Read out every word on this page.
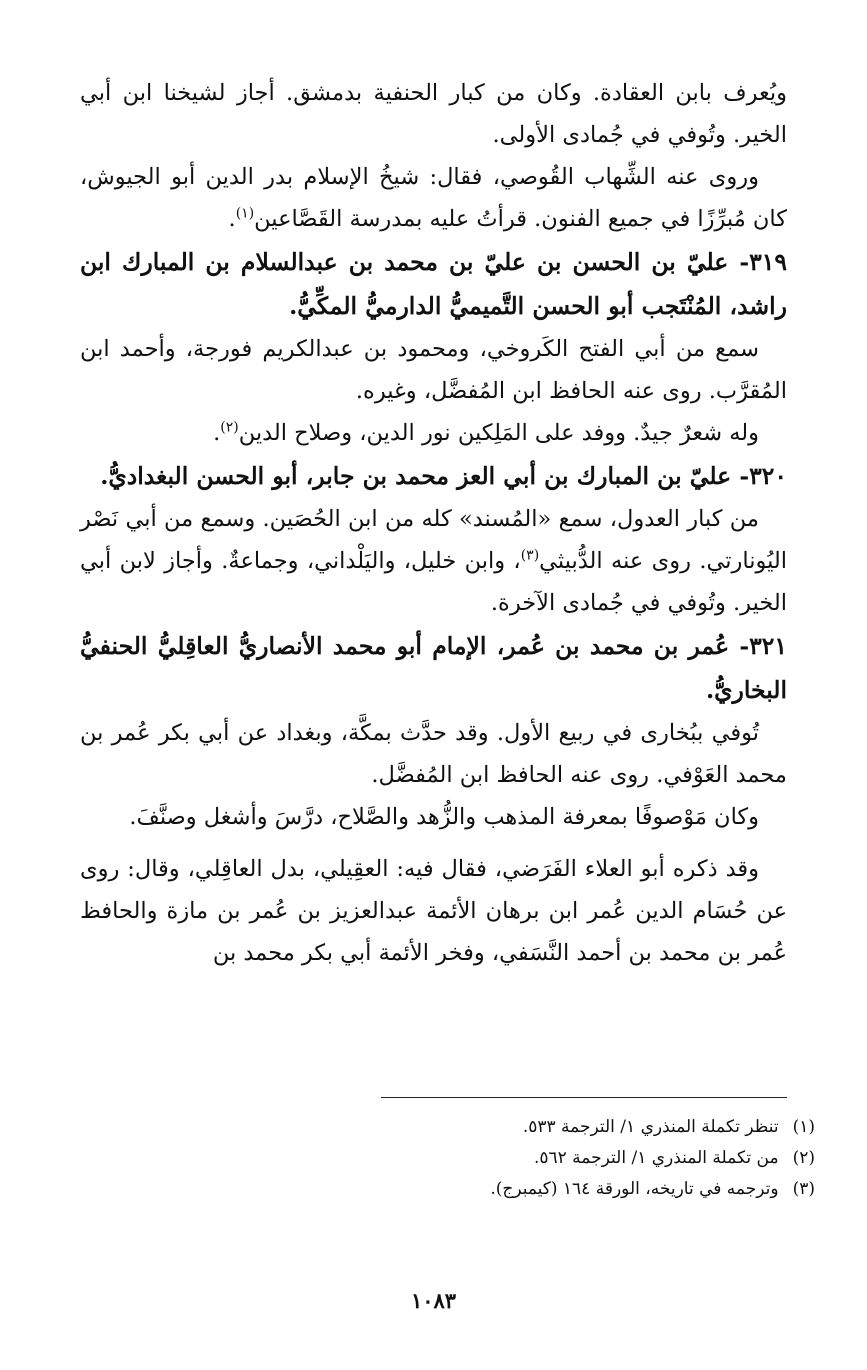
ويُعرف بابن العقادة. وكان من كبار الحنفية بدمشق. أجاز لشيخنا ابن أبي الخير. وتُوفي في جُمادى الأولى.

وروى عنه الشِّهاب القُوصي، فقال: شيخُ الإسلام بدر الدين أبو الجيوش، كان مُبرِّزًا في جميع الفنون. قرأتُ عليه بمدرسة القَصَّاعين$^{(١)}$.

٣١٩- عليّ بن الحسن بن عليّ بن محمد بن عبدالسلام بن المبارك ابن راشد، المُنْتَجب أبو الحسن التَّميميُّ الدارميُّ المكِّيُّ.

سمع من أبي الفتح الكَروخي، ومحمود بن عبدالكريم فورجة، وأحمد ابن المُقرَّب. روى عنه الحافظ ابن المُفضَّل، وغيره.

وله شعرٌ جيدٌ. ووفد على المَلِكين نور الدين، وصلاح الدين$^{(٢)}$.

٣٢٠- عليّ بن المبارك بن أبي العز محمد بن جابر، أبو الحسن البغداديُّ.

من كبار العدول، سمع «المُسند» كله من ابن الحُصَين. وسمع من أبي نَصْر اليُونارتي. روى عنه الدُّبيثي$^{(٣)}$، وابن خليل، واليَلْداني، وجماعةٌ. وأجاز لابن أبي الخير. وتُوفي في جُمادى الآخرة.

٣٢١- عُمر بن محمد بن عُمر، الإمام أبو محمد الأنصاريُّ العاقِليُّ الحنفيُّ البخاريُّ.

تُوفي ببُخارى في ربيع الأول. وقد حدَّث بمكَّة، وبغداد عن أبي بكر عُمر بن محمد العَوْفي. روى عنه الحافظ ابن المُفضَّل.

وكان مَوْصوفًا بمعرفة المذهب والزُّهد والصَّلاح، درَّسَ وأشغل وصنَّفَ.

وقد ذكره أبو العلاء الفَرَضي، فقال فيه: العقِيلي، بدل العاقِلي، وقال: روى عن حُسَام الدين عُمر ابن برهان الأئمة عبدالعزيز بن عُمر بن مازة والحافظ عُمر بن محمد بن أحمد النَّسَفي، وفخر الأئمة أبي بكر محمد بن

(١)تنظر تكملة المنذري ١/ الترجمة ٥٣٣.

(٢)من تكملة المنذري ١/ الترجمة ٥٦٢.

(٣)وترجمه في تاريخه، الورقة ١٦٤ (كيمبرج).

١٠٨٣
